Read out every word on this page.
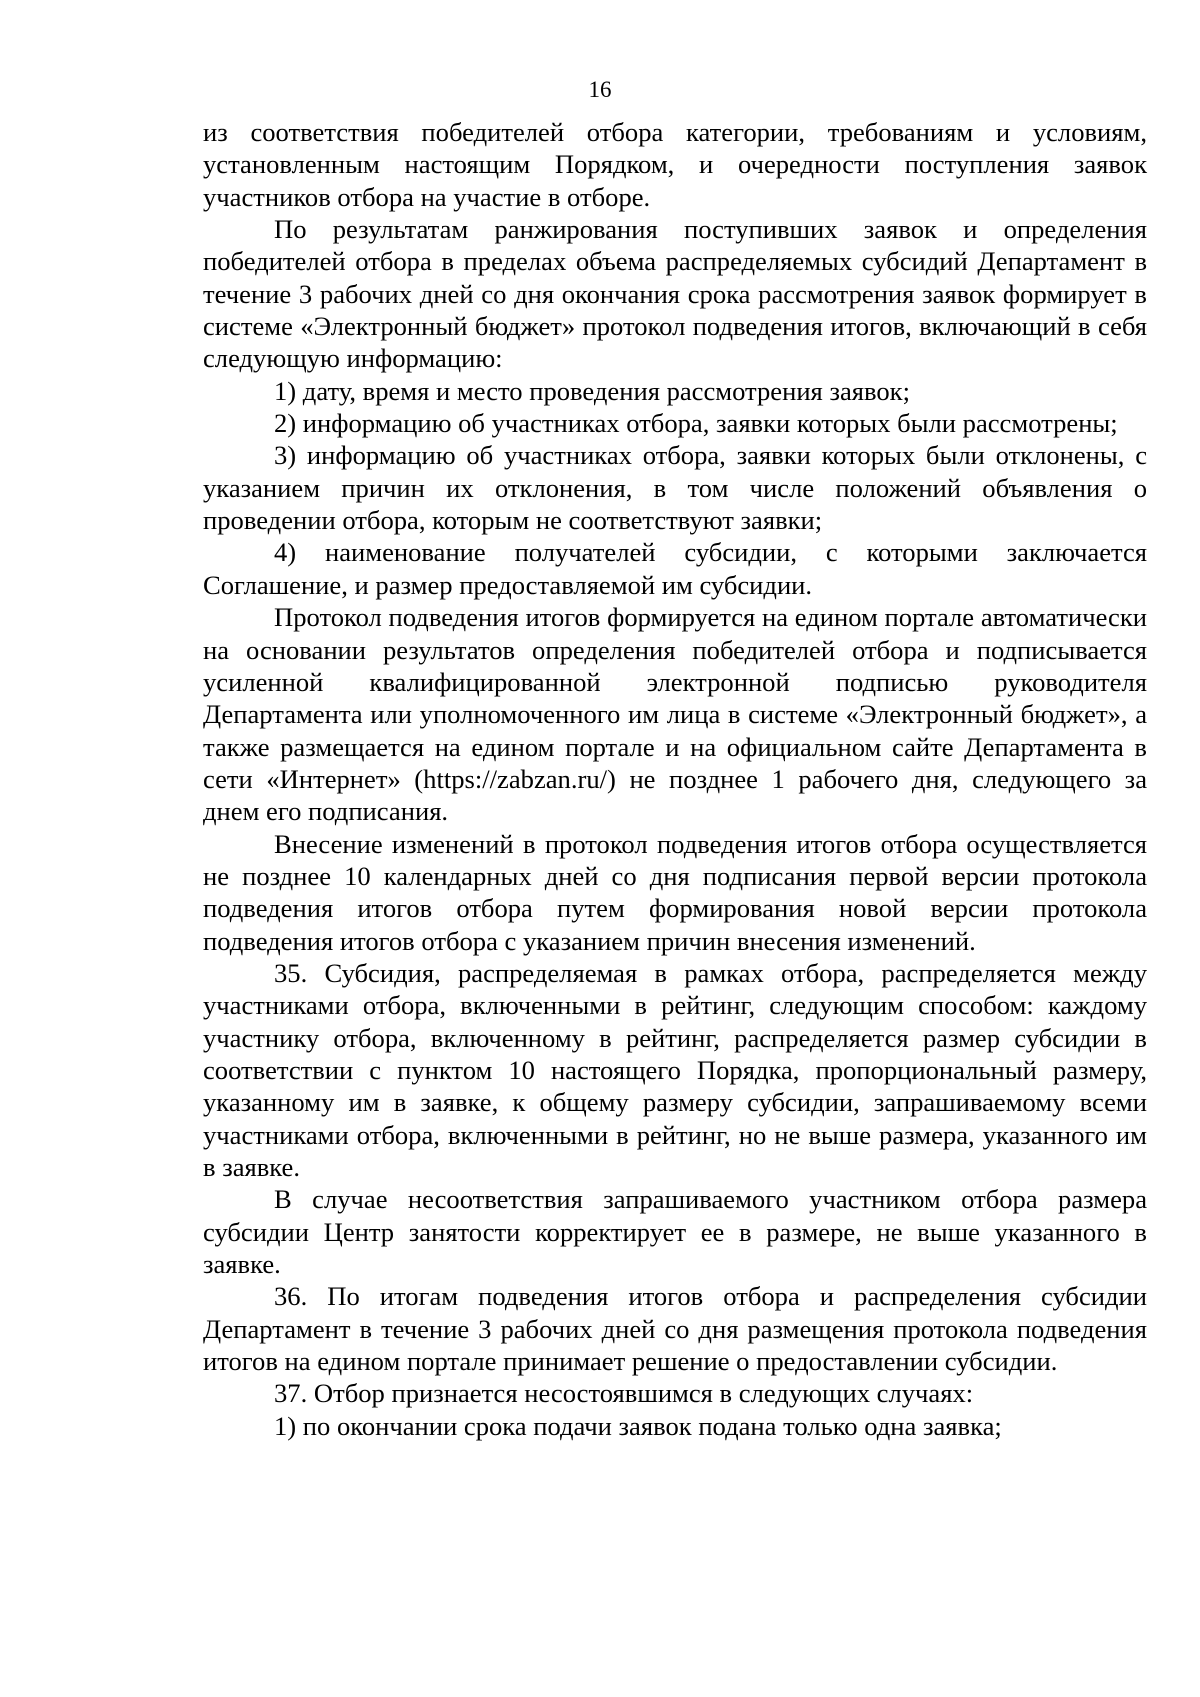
16

из соответствия победителей отбора категории, требованиям и условиям, установленным настоящим Порядком, и очередности поступления заявок участников отбора на участие в отборе.

По результатам ранжирования поступивших заявок и определения победителей отбора в пределах объема распределяемых субсидий Департамент в течение 3 рабочих дней со дня окончания срока рассмотрения заявок формирует в системе «Электронный бюджет» протокол подведения итогов, включающий в себя следующую информацию:

1) дату, время и место проведения рассмотрения заявок;

2) информацию об участниках отбора, заявки которых были рассмотрены;

3) информацию об участниках отбора, заявки которых были отклонены, с указанием причин их отклонения, в том числе положений объявления о проведении отбора, которым не соответствуют заявки;

4) наименование получателей субсидии, с которыми заключается Соглашение, и размер предоставляемой им субсидии.

Протокол подведения итогов формируется на едином портале автоматически на основании результатов определения победителей отбора и подписывается усиленной квалифицированной электронной подписью руководителя Департамента или уполномоченного им лица в системе «Электронный бюджет», а также размещается на едином портале и на официальном сайте Департамента в сети «Интернет» (https://zabzan.ru/) не позднее 1 рабочего дня, следующего за днем его подписания.

Внесение изменений в протокол подведения итогов отбора осуществляется не позднее 10 календарных дней со дня подписания первой версии протокола подведения итогов отбора путем формирования новой версии протокола подведения итогов отбора с указанием причин внесения изменений.

35. Субсидия, распределяемая в рамках отбора, распределяется между участниками отбора, включенными в рейтинг, следующим способом: каждому участнику отбора, включенному в рейтинг, распределяется размер субсидии в соответствии с пунктом 10 настоящего Порядка, пропорциональный размеру, указанному им в заявке, к общему размеру субсидии, запрашиваемому всеми участниками отбора, включенными в рейтинг, но не выше размера, указанного им в заявке.

В случае несоответствия запрашиваемого участником отбора размера субсидии Центр занятости корректирует ее в размере, не выше указанного в заявке.

36. По итогам подведения итогов отбора и распределения субсидии Департамент в течение 3 рабочих дней со дня размещения протокола подведения итогов на едином портале принимает решение о предоставлении субсидии.

37. Отбор признается несостоявшимся в следующих случаях:

1) по окончании срока подачи заявок подана только одна заявка;
